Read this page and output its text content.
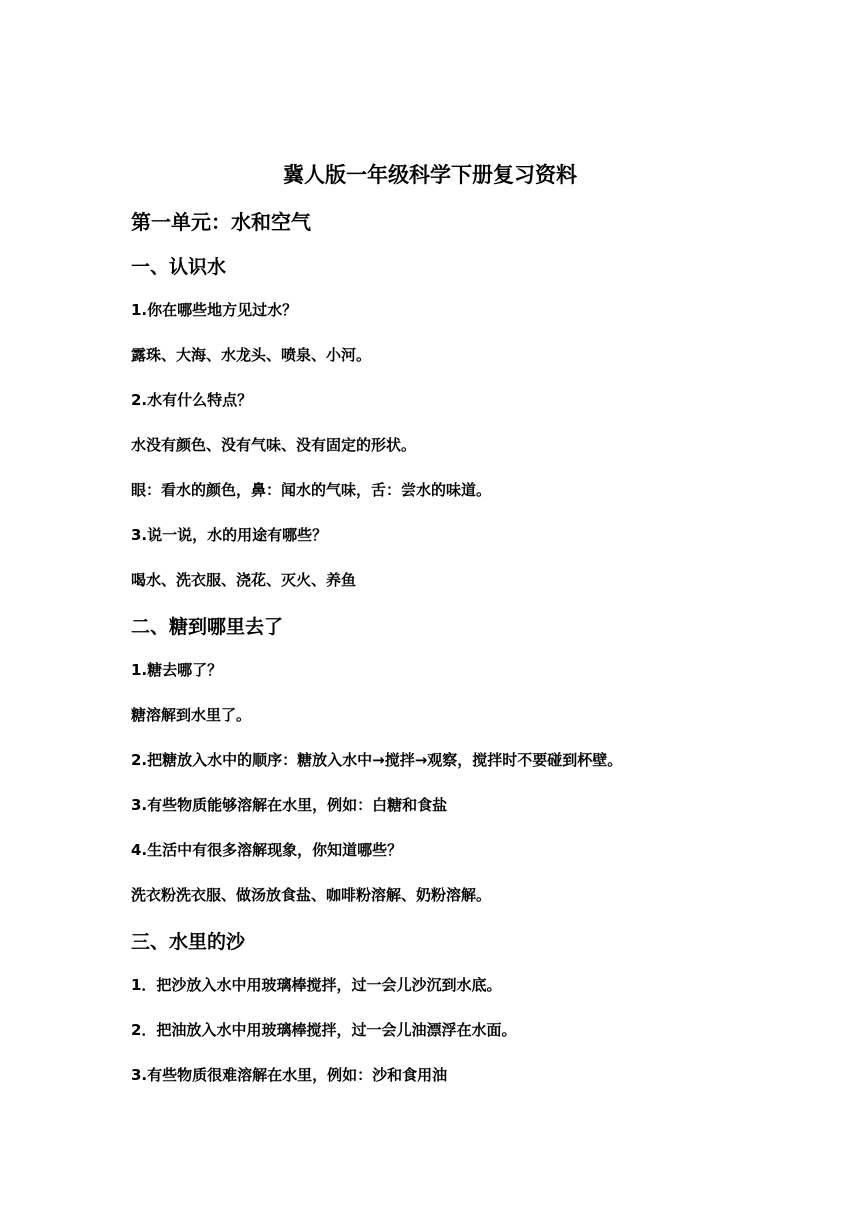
冀人版一年级科学下册复习资料
第一单元：水和空气
一、认识水
1.你在哪些地方见过水？
露珠、大海、水龙头、喷泉、小河。
2.水有什么特点？
水没有颜色、没有气味、没有固定的形状。
眼：看水的颜色，鼻：闻水的气味，舌：尝水的味道。
3.说一说，水的用途有哪些？
喝水、洗衣服、浇花、灭火、养鱼
二、糖到哪里去了
1.糖去哪了？
糖溶解到水里了。
2.把糖放入水中的顺序：糖放入水中→搅拌→观察，搅拌时不要碰到杯壁。
3.有些物质能够溶解在水里，例如：白糖和食盐
4.生活中有很多溶解现象，你知道哪些？
洗衣粉洗衣服、做汤放食盐、咖啡粉溶解、奶粉溶解。
三、水里的沙
1．把沙放入水中用玻璃棒搅拌，过一会儿沙沉到水底。
2．把油放入水中用玻璃棒搅拌，过一会儿油漂浮在水面。
3.有些物质很难溶解在水里，例如：沙和食用油
